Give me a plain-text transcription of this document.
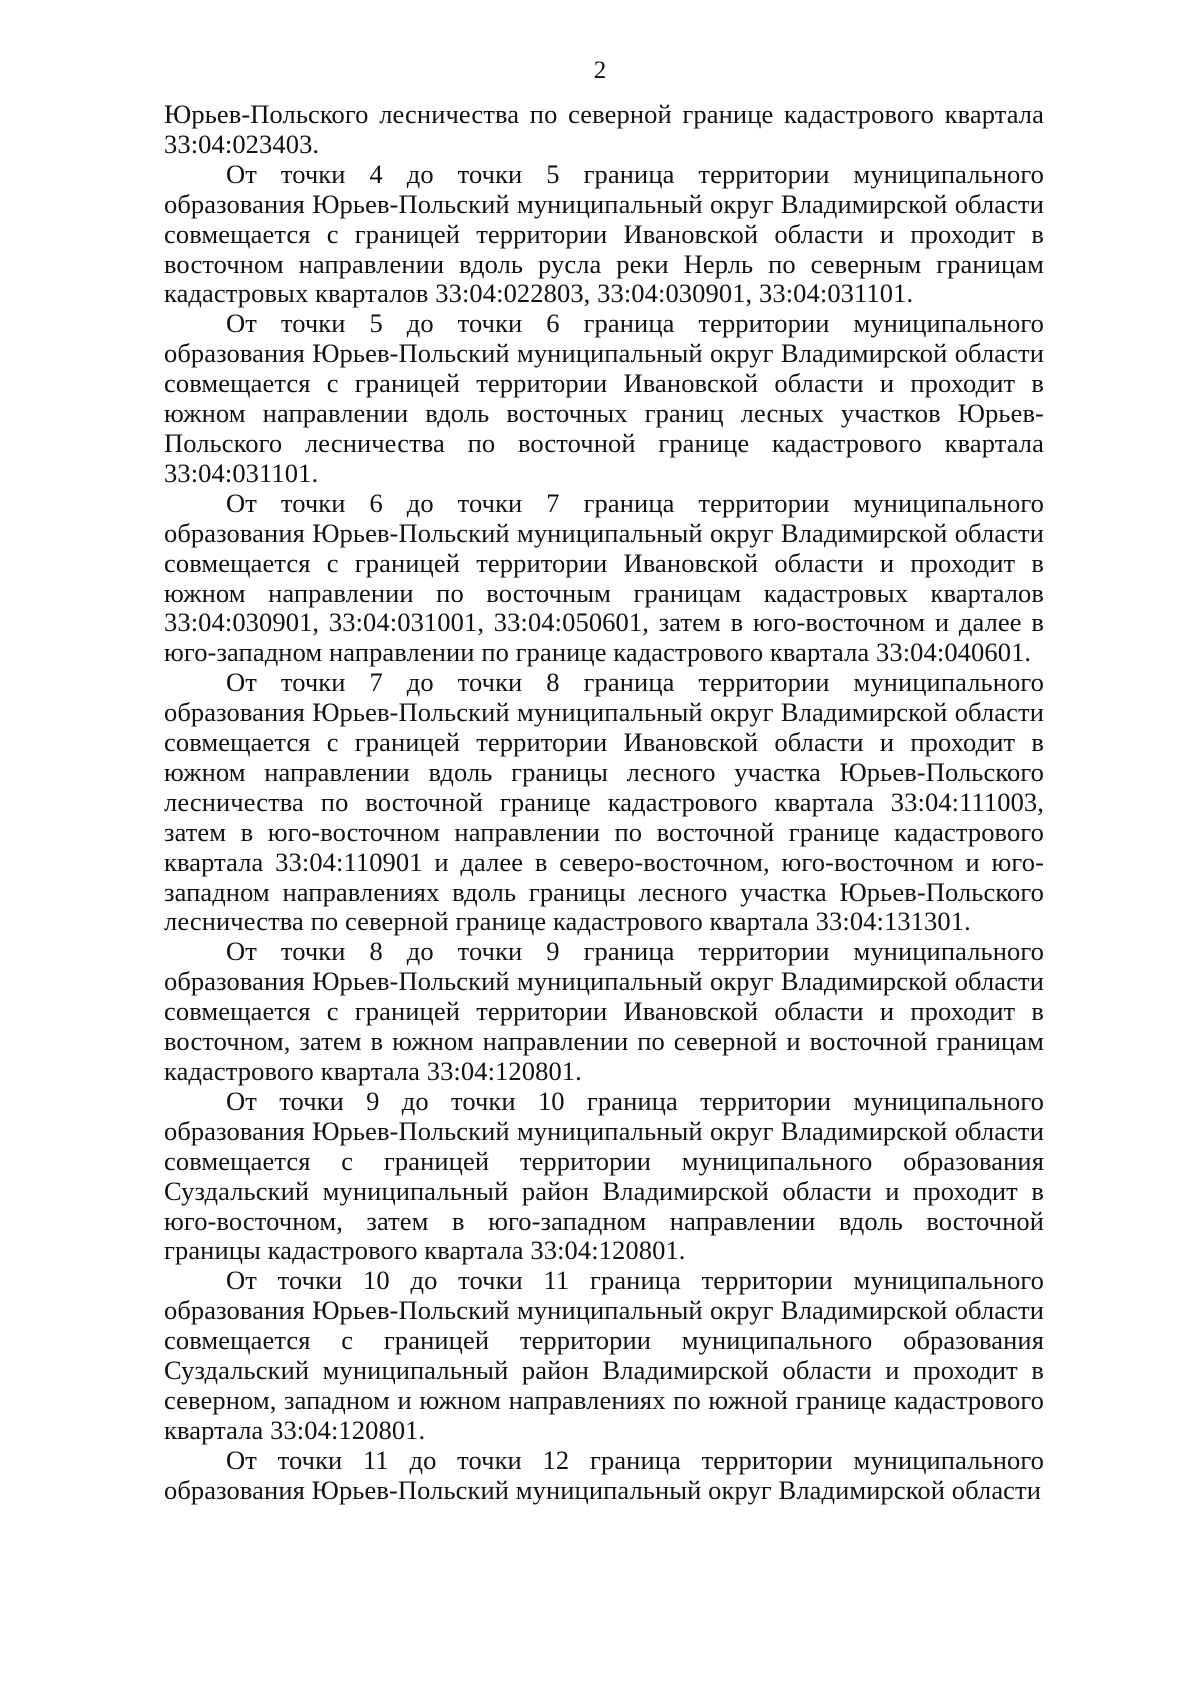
2

Юрьев-Польского лесничества по северной границе кадастрового квартала 33:04:023403.

От точки 4 до точки 5 граница территории муниципального образования Юрьев-Польский муниципальный округ Владимирской области совмещается с границей территории Ивановской области и проходит в восточном направлении вдоль русла реки Нерль по северным границам кадастровых кварталов 33:04:022803, 33:04:030901, 33:04:031101.

От точки 5 до точки 6 граница территории муниципального образования Юрьев-Польский муниципальный округ Владимирской области совмещается с границей территории Ивановской области и проходит в южном направлении вдоль восточных границ лесных участков Юрьев-Польского лесничества по восточной границе кадастрового квартала 33:04:031101.

От точки 6 до точки 7 граница территории муниципального образования Юрьев-Польский муниципальный округ Владимирской области совмещается с границей территории Ивановской области и проходит в южном направлении по восточным границам кадастровых кварталов 33:04:030901, 33:04:031001, 33:04:050601, затем в юго-восточном и далее в юго-западном направлении по границе кадастрового квартала 33:04:040601.

От точки 7 до точки 8 граница территории муниципального образования Юрьев-Польский муниципальный округ Владимирской области совмещается с границей территории Ивановской области и проходит в южном направлении вдоль границы лесного участка Юрьев-Польского лесничества по восточной границе кадастрового квартала 33:04:111003, затем в юго-восточном направлении по восточной границе кадастрового квартала 33:04:110901 и далее в северо-восточном, юго-восточном и юго-западном направлениях вдоль границы лесного участка Юрьев-Польского лесничества по северной границе кадастрового квартала 33:04:131301.

От точки 8 до точки 9 граница территории муниципального образования Юрьев-Польский муниципальный округ Владимирской области совмещается с границей территории Ивановской области и проходит в восточном, затем в южном направлении по северной и восточной границам кадастрового квартала 33:04:120801.

От точки 9 до точки 10 граница территории муниципального образования Юрьев-Польский муниципальный округ Владимирской области совмещается с границей территории муниципального образования Суздальский муниципальный район Владимирской области и проходит в юго-восточном, затем в юго-западном направлении вдоль восточной границы кадастрового квартала 33:04:120801.

От точки 10 до точки 11 граница территории муниципального образования Юрьев-Польский муниципальный округ Владимирской области совмещается с границей территории муниципального образования Суздальский муниципальный район Владимирской области и проходит в северном, западном и южном направлениях по южной границе кадастрового квартала 33:04:120801.

От точки 11 до точки 12 граница территории муниципального образования Юрьев-Польский муниципальный округ Владимирской области
